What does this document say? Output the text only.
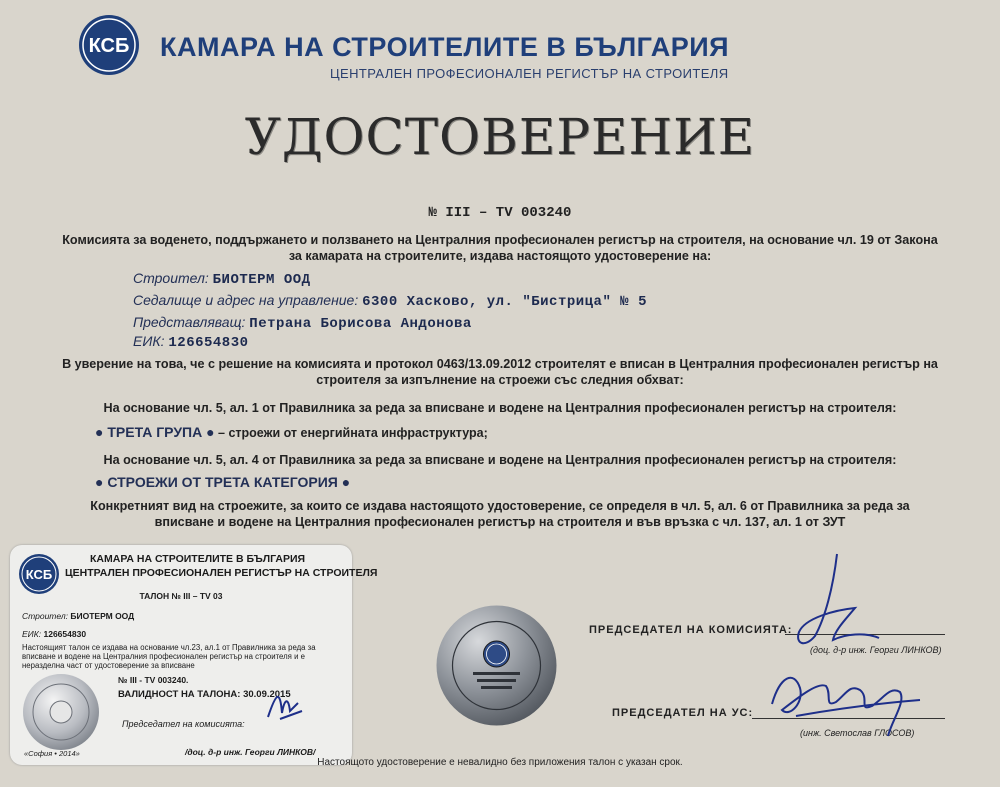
КСБ КАМАРА НА СТРОИТЕЛИТЕ В БЪЛГАРИЯ
ЦЕНТРАЛЕН ПРОФЕСИОНАЛЕН РЕГИСТЪР НА СТРОИТЕЛЯ
УДОСТОВЕРЕНИЕ
№ III – TV 003240
Комисията за воденето, поддържането и ползването на Централния професионален регистър на строителя, на основание чл. 19 от Закона за камарата на строителите, издава настоящото удостоверение на:
Строител: БИОТЕРМ ООД
Седалище и адрес на управление: 6300 Хасково, ул. "Бистрица" № 5
Представляващ: Петрана Борисова Андонова
ЕИК: 126654830
В уверение на това, че с решение на комисията и протокол 0463/13.09.2012 строителят е вписан в Централния професионален регистър на строителя за изпълнение на строежи със следния обхват:
На основание чл. 5, ал. 1 от Правилника за реда за вписване и водене на Централния професионален регистър на строителя:
● ТРЕТА ГРУПА ● – строежи от енергийната инфраструктура;
На основание чл. 5, ал. 4 от Правилника за реда за вписване и водене на Централния професионален регистър на строителя:
● СТРОЕЖИ ОТ ТРЕТА КАТЕГОРИЯ ●
Конкретният вид на строежите, за които се издава настоящото удостоверение, се определя в чл. 5, ал. 6 от Правилника за реда за вписване и водене на Централния професионален регистър на строителя и във връзка с чл. 137, ал. 1 от ЗУТ
КСБ
КАМАРА НА СТРОИТЕЛИТЕ В БЪЛГАРИЯ
ЦЕНТРАЛЕН ПРОФЕСИОНАЛЕН РЕГИСТЪР НА СТРОИТЕЛЯ
ТАЛОН № III – TV 03
Строител: БИОТЕРМ ООД
ЕИК: 126654830
Настоящият талон се издава на основание чл.23, ал.1 от Правилника за реда за вписване и водене на Централния професионален регистър на строителя и е неразделна част от удостоверение за вписване
№ III - TV 003240.
ВАЛИДНОСТ НА ТАЛОНА: 30.09.2015
Председател на комисията:
«София • 2014»	/доц. д-р инж. Георги ЛИНКОВ/
ПРЕДСЕДАТЕЛ НА КОМИСИЯТА:
(доц. д-р инж. Георги ЛИНКОВ)
ПРЕДСЕДАТЕЛ НА УС:
(инж. Светослав ГЛОСОВ)
Настоящото удостоверение е невалидно без приложения талон с указан срок.
